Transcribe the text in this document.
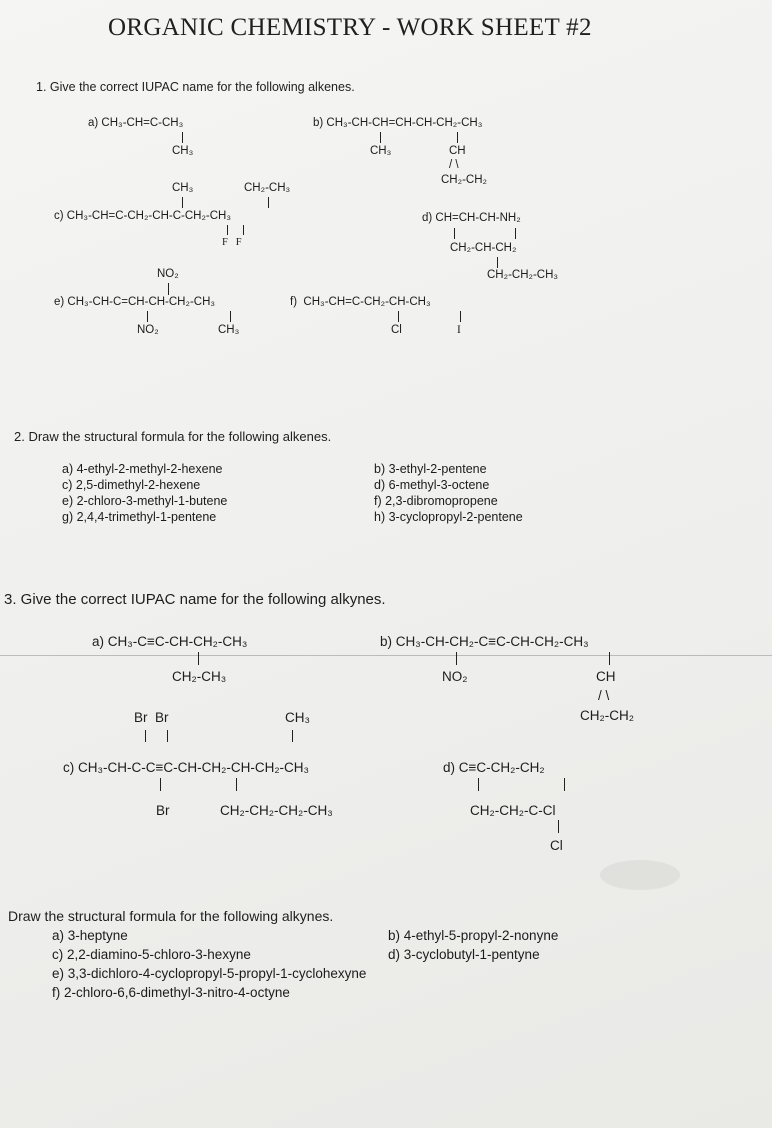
ORGANIC CHEMISTRY - WORK SHEET #2
1. Give the correct IUPAC name for the following alkenes.
a) CH₃-CH=C-CH₃
CH₃
b) CH₃-CH-CH=CH-CH-CH₂-CH₃
CH₃	CH
/ \
CH₂-CH₂
CH₃	CH₂-CH₃
c) CH₃-CH=C-CH₂-CH-C-CH₂-CH₃
F   F
d) CH=CH-CH-NH₂
CH₂-CH-CH₂
CH₂-CH₂-CH₃
NO₂
e) CH₃-CH-C=CH-CH-CH₂-CH₃
NO₂	CH₃
f)  CH₃-CH=C-CH₂-CH-CH₃
Cl	I
2. Draw the structural formula for the following alkenes.
a) 4-ethyl-2-methyl-2-hexene
c) 2,5-dimethyl-2-hexene
e) 2-chloro-3-methyl-1-butene
g) 2,4,4-trimethyl-1-pentene
b) 3-ethyl-2-pentene
d) 6-methyl-3-octene
f) 2,3-dibromopropene
h) 3-cyclopropyl-2-pentene
3. Give the correct IUPAC name for the following alkynes.
a) CH₃-C≡C-CH-CH₂-CH₃
CH₂-CH₃
b) CH₃-CH-CH₂-C≡C-CH-CH₂-CH₃
NO₂	CH
/ \
CH₂-CH₂
Br  Br	CH₃
c) CH₃-CH-C-C≡C-CH-CH₂-CH-CH₂-CH₃
Br	CH₂-CH₂-CH₂-CH₃
d) C≡C-CH₂-CH₂
CH₂-CH₂-C-Cl
Cl
Draw the structural formula for the following alkynes.
a) 3-heptyne
c) 2,2-diamino-5-chloro-3-hexyne
e) 3,3-dichloro-4-cyclopropyl-5-propyl-1-cyclohexyne
f) 2-chloro-6,6-dimethyl-3-nitro-4-octyne
b) 4-ethyl-5-propyl-2-nonyne
d) 3-cyclobutyl-1-pentyne
